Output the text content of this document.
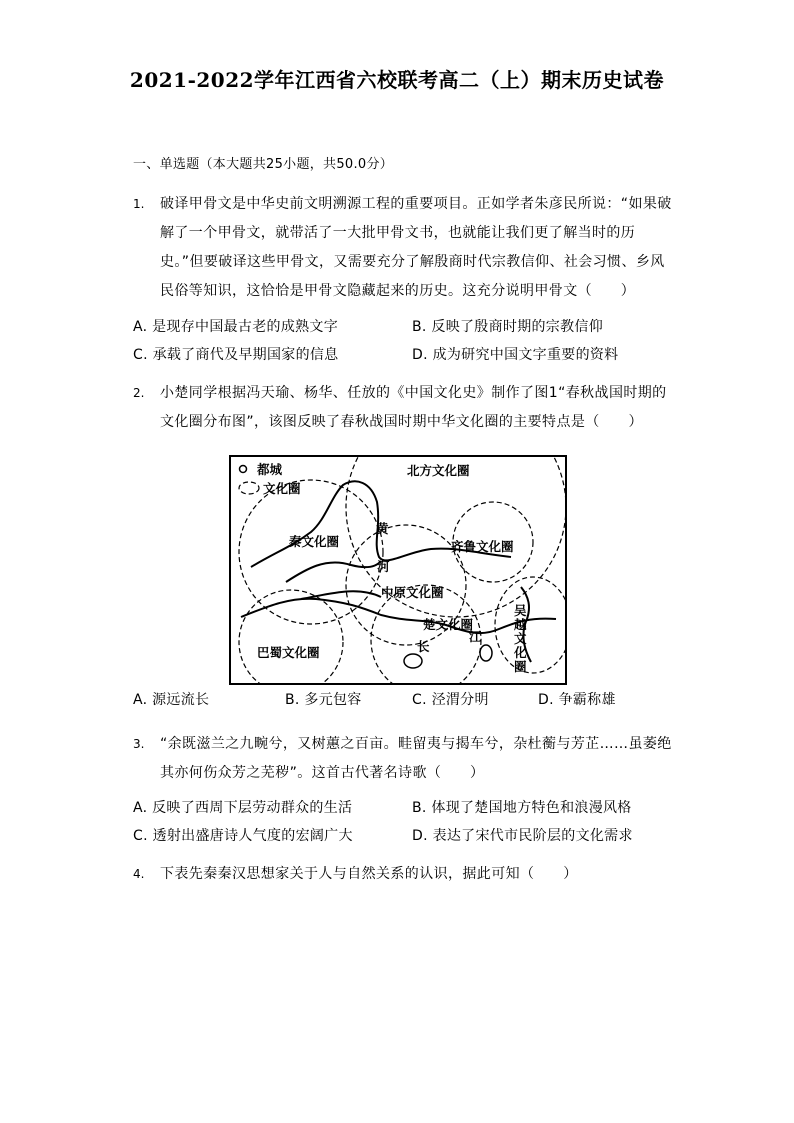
2021-2022学年江西省六校联考高二（上）期末历史试卷
一、单选题（本大题共25小题，共50.0分）
1. 破译甲骨文是中华史前文明溯源工程的重要项目。正如学者朱彦民所说：“如果破解了一个甲骨文，就带活了一大批甲骨文书，也就能让我们更了解当时的历史。”但要破译这些甲骨文，又需要充分了解殷商时代宗教信仰、社会习惯、乡风民俗等知识，这恰恰是甲骨文隐藏起来的历史。这充分说明甲骨文（　　）
A. 是现存中国最古老的成熟文字	B. 反映了殷商时期的宗教信仰
C. 承载了商代及早期国家的信息	D. 成为研究中国文字重要的资料
2. 小楚同学根据冯天瑜、杨华、任放的《中国文化史》制作了图1“春秋战国时期的文化圈分布图”，该图反映了春秋战国时期中华文化圈的主要特点是（　　）
都城
文化圈
北方文化圈
秦文化圈	齐鲁文化圈
中原文化圈
楚文化圈
巴蜀文化圈
黄
河
长
江
吴
越
文
化
圈
A. 源远流长	B. 多元包容	C. 泾渭分明	D. 争霸称雄
3. “余既滋兰之九畹兮，又树蕙之百亩。畦留夷与揭车兮，杂杜蘅与芳芷……虽萎绝其亦何伤众芳之芜秽”。这首古代著名诗歌（　　）
A. 反映了西周下层劳动群众的生活	B. 体现了楚国地方特色和浪漫风格
C. 透射出盛唐诗人气度的宏阔广大	D. 表达了宋代市民阶层的文化需求
4. 下表先秦秦汉思想家关于人与自然关系的认识，据此可知（　　）
